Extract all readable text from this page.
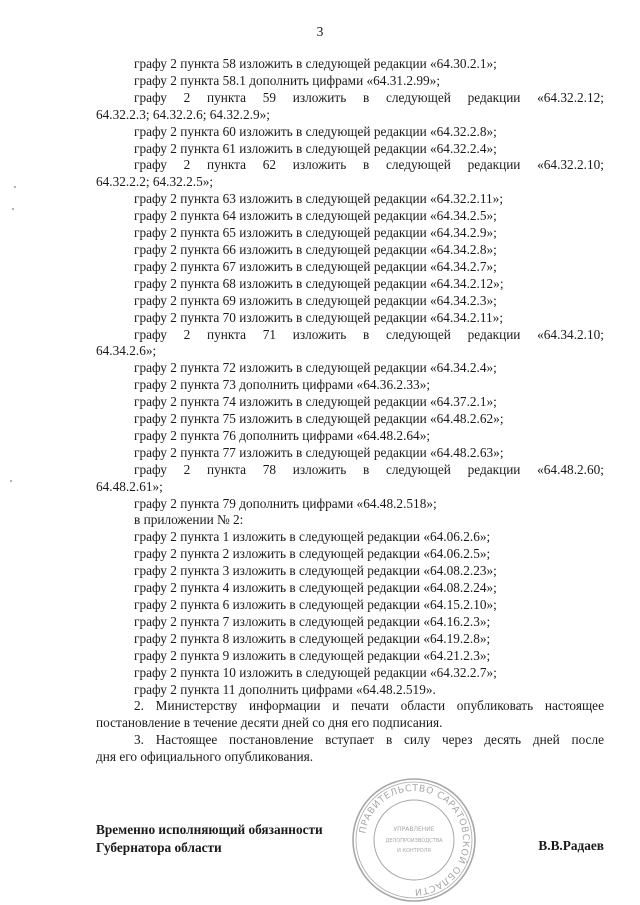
3

графу 2 пункта 58 изложить в следующей редакции «64.30.2.1»;

графу 2 пункта 58.1 дополнить цифрами «64.31.2.99»;

графу 2 пункта 59 изложить в следующей редакции «64.32.2.12;

64.32.2.3; 64.32.2.6; 64.32.2.9»;

графу 2 пункта 60 изложить в следующей редакции «64.32.2.8»;

графу 2 пункта 61 изложить в следующей редакции «64.32.2.4»;

графу 2 пункта 62 изложить в следующей редакции «64.32.2.10;

64.32.2.2; 64.32.2.5»;

графу 2 пункта 63 изложить в следующей редакции «64.32.2.11»;

графу 2 пункта 64 изложить в следующей редакции «64.34.2.5»;

графу 2 пункта 65 изложить в следующей редакции «64.34.2.9»;

графу 2 пункта 66 изложить в следующей редакции «64.34.2.8»;

графу 2 пункта 67 изложить в следующей редакции «64.34.2.7»;

графу 2 пункта 68 изложить в следующей редакции «64.34.2.12»;

графу 2 пункта 69 изложить в следующей редакции «64.34.2.3»;

графу 2 пункта 70 изложить в следующей редакции «64.34.2.11»;

графу 2 пункта 71 изложить в следующей редакции «64.34.2.10;

64.34.2.6»;

графу 2 пункта 72 изложить в следующей редакции «64.34.2.4»;

графу 2 пункта 73 дополнить цифрами «64.36.2.33»;

графу 2 пункта 74 изложить в следующей редакции «64.37.2.1»;

графу 2 пункта 75 изложить в следующей редакции «64.48.2.62»;

графу 2 пункта 76 дополнить цифрами «64.48.2.64»;

графу 2 пункта 77 изложить в следующей редакции «64.48.2.63»;

графу 2 пункта 78 изложить в следующей редакции «64.48.2.60;

64.48.2.61»;

графу 2 пункта 79 дополнить цифрами «64.48.2.518»;

в приложении № 2:

графу 2 пункта 1 изложить в следующей редакции «64.06.2.6»;

графу 2 пункта 2 изложить в следующей редакции «64.06.2.5»;

графу 2 пункта 3 изложить в следующей редакции «64.08.2.23»;

графу 2 пункта 4 изложить в следующей редакции «64.08.2.24»;

графу 2 пункта 6 изложить в следующей редакции «64.15.2.10»;

графу 2 пункта 7 изложить в следующей редакции «64.16.2.3»;

графу 2 пункта 8 изложить в следующей редакции «64.19.2.8»;

графу 2 пункта 9 изложить в следующей редакции «64.21.2.3»;

графу 2 пункта 10 изложить в следующей редакции «64.32.2.7»;

графу 2 пункта 11 дополнить цифрами «64.48.2.519».

2. Министерству информации и печати области опубликовать настоящее

постановление в течение десяти дней со дня его подписания.

3. Настоящее постановление вступает в силу через десять дней после

дня его официального опубликования.

Временно исполняющий обязанности
Губернатора области	В.В.Радаев
ПРАВИТЕЛЬСТВО САРАТОВСКОЙ ОБЛАСТИ
УПРАВЛЕНИЕ
ДЕЛОПРОИЗВОДСТВА
И КОНТРОЛЯ
